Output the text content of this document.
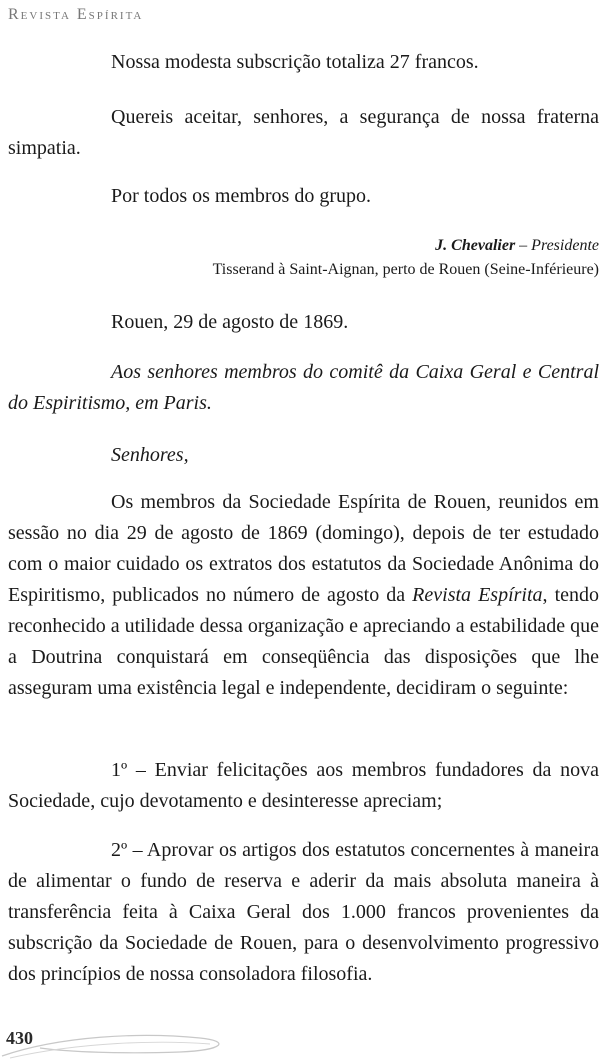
Revista Espírita

Nossa modesta subscrição totaliza 27 francos.

Quereis aceitar, senhores, a segurança de nossa fraterna simpatia.

Por todos os membros do grupo.

J. Chevalier – Presidente
Tisserand à Saint-Aignan, perto de Rouen (Seine-Inférieure)

Rouen, 29 de agosto de 1869.

Aos senhores membros do comitê da Caixa Geral e Central do Espiritismo, em Paris.

Senhores,

Os membros da Sociedade Espírita de Rouen, reunidos em sessão no dia 29 de agosto de 1869 (domingo), depois de ter estudado com o maior cuidado os extratos dos estatutos da Sociedade Anônima do Espiritismo, publicados no número de agosto da Revista Espírita, tendo reconhecido a utilidade dessa organização e apreciando a estabilidade que a Doutrina conquistará em conseqüência das disposições que lhe asseguram uma existência legal e independente, decidiram o seguinte:

1º – Enviar felicitações aos membros fundadores da nova Sociedade, cujo devotamento e desinteresse apreciam;

2º – Aprovar os artigos dos estatutos concernentes à maneira de alimentar o fundo de reserva e aderir da mais absoluta maneira à transferência feita à Caixa Geral dos 1.000 francos provenientes da subscrição da Sociedade de Rouen, para o desenvolvimento progressivo dos princípios de nossa consoladora filosofia.

430
